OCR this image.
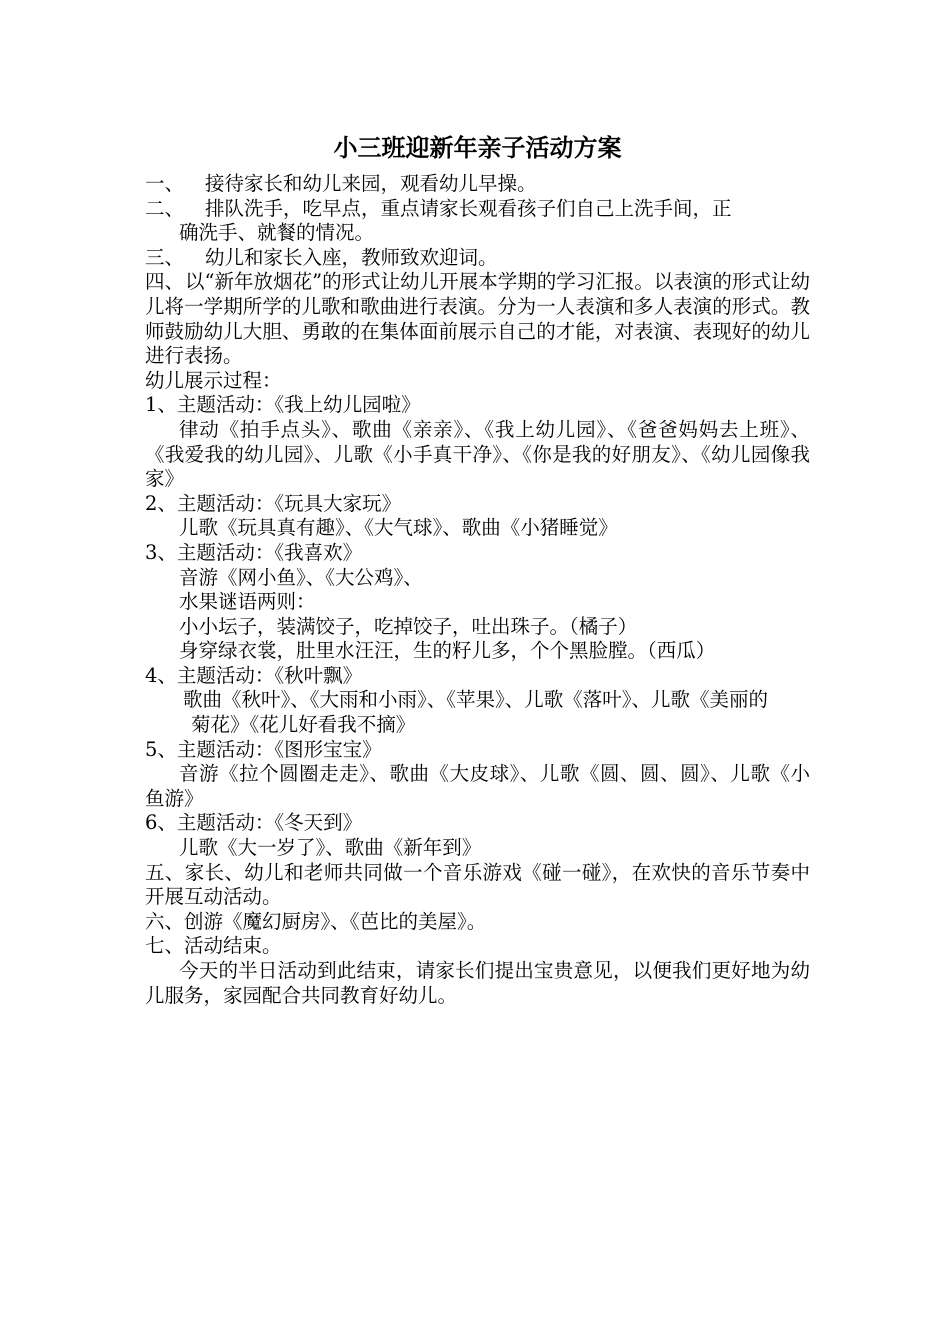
小三班迎新年亲子活动方案
一、 接待家长和幼儿来园，观看幼儿早操。
二、 排队洗手，吃早点，重点请家长观看孩子们自己上洗手间，正
确洗手、就餐的情况。
三、 幼儿和家长入座，教师致欢迎词。
四、以“新年放烟花”的形式让幼儿开展本学期的学习汇报。以表演的形式让幼儿将一学期所学的儿歌和歌曲进行表演。分为一人表演和多人表演的形式。教师鼓励幼儿大胆、勇敢的在集体面前展示自己的才能，对表演、表现好的幼儿进行表扬。
幼儿展示过程：
1、主题活动：《我上幼儿园啦》
律动《拍手点头》、歌曲《亲亲》、《我上幼儿园》、《爸爸妈妈去上班》、《我爱我的幼儿园》、儿歌《小手真干净》、《你是我的好朋友》、《幼儿园像我家》
2、主题活动：《玩具大家玩》
儿歌《玩具真有趣》、《大气球》、歌曲《小猪睡觉》
3、主题活动：《我喜欢》
音游《网小鱼》、《大公鸡》、
水果谜语两则：
小小坛子，装满饺子，吃掉饺子，吐出珠子。（橘子）
身穿绿衣裳，肚里水汪汪，生的籽儿多，个个黑脸膛。（西瓜）
4、主题活动：《秋叶飘》
歌曲《秋叶》、《大雨和小雨》、《苹果》、儿歌《落叶》、儿歌《美丽的
菊花》《花儿好看我不摘》
5、主题活动：《图形宝宝》
音游《拉个圆圈走走》、歌曲《大皮球》、儿歌《圆、圆、圆》、儿歌《小鱼游》
6、主题活动：《冬天到》
儿歌《大一岁了》、歌曲《新年到》
五、家长、幼儿和老师共同做一个音乐游戏《碰一碰》，在欢快的音乐节奏中开展互动活动。
六、创游《魔幻厨房》、《芭比的美屋》。
七、活动结束。
今天的半日活动到此结束，请家长们提出宝贵意见，以便我们更好地为幼儿服务，家园配合共同教育好幼儿。
